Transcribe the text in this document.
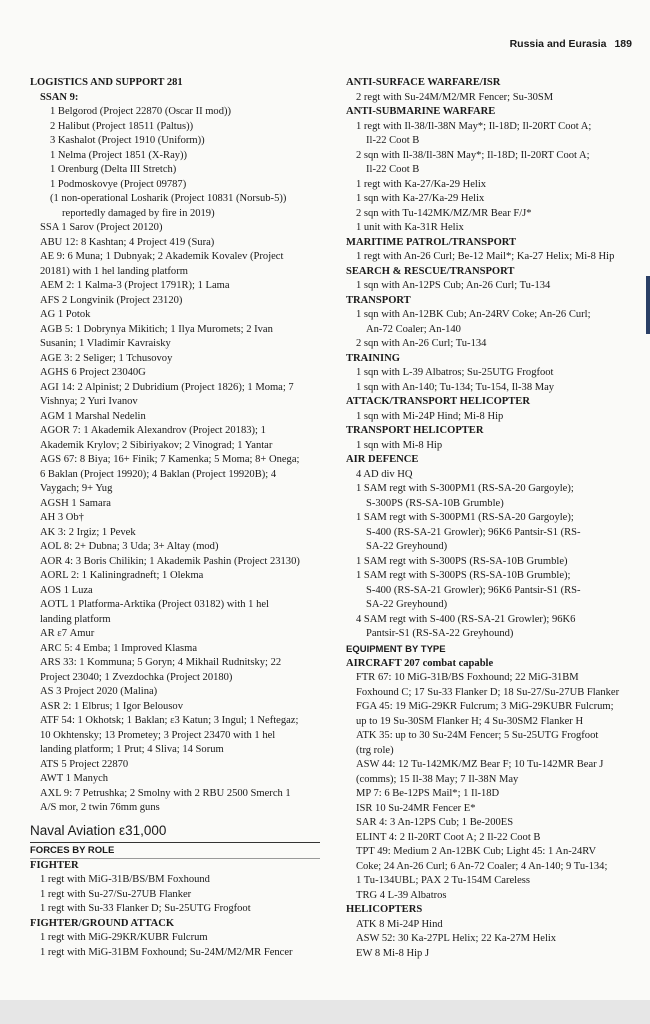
Russia and Eurasia 189
LOGISTICS AND SUPPORT 281
SSAN 9:
1 Belgorod (Project 22870 (Oscar II mod))
2 Halibut (Project 18511 (Paltus))
3 Kashalot (Project 1910 (Uniform))
1 Nelma (Project 1851 (X-Ray))
1 Orenburg (Delta III Stretch)
1 Podmoskovye (Project 09787)
(1 non-operational Losharik (Project 10831 (Norsub-5))
reportedly damaged by fire in 2019)
SSA 1 Sarov (Project 20120)
ABU 12: 8 Kashtan; 4 Project 419 (Sura)
AE 9: 6 Muna; 1 Dubnyak; 2 Akademik Kovalev (Project
20181) with 1 hel landing platform
AEM 2: 1 Kalma-3 (Project 1791R); 1 Lama
AFS 2 Longvinik (Project 23120)
AG 1 Potok
AGB 5: 1 Dobrynya Mikitich; 1 Ilya Muromets; 2 Ivan
Susanin; 1 Vladimir Kavraisky
AGE 3: 2 Seliger; 1 Tchusovoy
AGHS 6 Project 23040G
AGI 14: 2 Alpinist; 2 Dubridium (Project 1826); 1 Moma; 7
Vishnya; 2 Yuri Ivanov
AGM 1 Marshal Nedelin
AGOR 7: 1 Akademik Alexandrov (Project 20183); 1
Akademik Krylov; 2 Sibiriyakov; 2 Vinograd; 1 Yantar
AGS 67: 8 Biya; 16+ Finik; 7 Kamenka; 5 Moma; 8+ Onega;
6 Baklan (Project 19920); 4 Baklan (Project 19920B); 4
Vaygach; 9+ Yug
AGSH 1 Samara
AH 3 Ob†
AK 3: 2 Irgiz; 1 Pevek
AOL 8: 2+ Dubna; 3 Uda; 3+ Altay (mod)
AOR 4: 3 Boris Chilikin; 1 Akademik Pashin (Project 23130)
AORL 2: 1 Kaliningradneft; 1 Olekma
AOS 1 Luza
AOTL 1 Platforma-Arktika (Project 03182) with 1 hel
landing platform
AR ε7 Amur
ARC 5: 4 Emba; 1 Improved Klasma
ARS 33: 1 Kommuna; 5 Goryn; 4 Mikhail Rudnitsky; 22
Project 23040; 1 Zvezdochka (Project 20180)
AS 3 Project 2020 (Malina)
ASR 2: 1 Elbrus; 1 Igor Belousov
ATF 54: 1 Okhotsk; 1 Baklan; ε3 Katun; 3 Ingul; 1 Neftegaz;
10 Okhtensky; 13 Prometey; 3 Project 23470 with 1 hel
landing platform; 1 Prut; 4 Sliva; 14 Sorum
ATS 5 Project 22870
AWT 1 Manych
AXL 9: 7 Petrushka; 2 Smolny with 2 RBU 2500 Smerch 1
A/S mor, 2 twin 76mm guns
Naval Aviation ε31,000
FORCES BY ROLE
FIGHTER
1 regt with MiG-31B/BS/BM Foxhound
1 regt with Su-27/Su-27UB Flanker
1 regt with Su-33 Flanker D; Su-25UTG Frogfoot
FIGHTER/GROUND ATTACK
1 regt with MiG-29KR/KUBR Fulcrum
1 regt with MiG-31BM Foxhound; Su-24M/M2/MR Fencer
ANTI-SURFACE WARFARE/ISR
2 regt with Su-24M/M2/MR Fencer; Su-30SM
ANTI-SUBMARINE WARFARE
1 regt with Il-38/Il-38N May*; Il-18D; Il-20RT Coot A;
Il-22 Coot B
2 sqn with Il-38/Il-38N May*; Il-18D; Il-20RT Coot A;
Il-22 Coot B
1 regt with Ka-27/Ka-29 Helix
1 sqn with Ka-27/Ka-29 Helix
2 sqn with Tu-142MK/MZ/MR Bear F/J*
1 unit with Ka-31R Helix
MARITIME PATROL/TRANSPORT
1 regt with An-26 Curl; Be-12 Mail*; Ka-27 Helix; Mi-8 Hip
SEARCH & RESCUE/TRANSPORT
1 sqn with An-12PS Cub; An-26 Curl; Tu-134
TRANSPORT
1 sqn with An-12BK Cub; An-24RV Coke; An-26 Curl;
An-72 Coaler; An-140
2 sqn with An-26 Curl; Tu-134
TRAINING
1 sqn with L-39 Albatros; Su-25UTG Frogfoot
1 sqn with An-140; Tu-134; Tu-154, Il-38 May
ATTACK/TRANSPORT HELICOPTER
1 sqn with Mi-24P Hind; Mi-8 Hip
TRANSPORT HELICOPTER
1 sqn with Mi-8 Hip
AIR DEFENCE
4 AD div HQ
1 SAM regt with S-300PM1 (RS-SA-20 Gargoyle);
S-300PS (RS-SA-10B Grumble)
1 SAM regt with S-300PM1 (RS-SA-20 Gargoyle);
S-400 (RS-SA-21 Growler); 96K6 Pantsir-S1 (RS-
SA-22 Greyhound)
1 SAM regt with S-300PS (RS-SA-10B Grumble)
1 SAM regt with S-300PS (RS-SA-10B Grumble);
S-400 (RS-SA-21 Growler); 96K6 Pantsir-S1 (RS-
SA-22 Greyhound)
4 SAM regt with S-400 (RS-SA-21 Growler); 96K6
Pantsir-S1 (RS-SA-22 Greyhound)
EQUIPMENT BY TYPE
AIRCRAFT 207 combat capable
FTR 67: 10 MiG-31B/BS Foxhound; 22 MiG-31BM
Foxhound C; 17 Su-33 Flanker D; 18 Su-27/Su-27UB Flanker
FGA 45: 19 MiG-29KR Fulcrum; 3 MiG-29KUBR Fulcrum;
up to 19 Su-30SM Flanker H; 4 Su-30SM2 Flanker H
ATK 35: up to 30 Su-24M Fencer; 5 Su-25UTG Frogfoot
(trg role)
ASW 44: 12 Tu-142MK/MZ Bear F; 10 Tu-142MR Bear J
(comms); 15 Il-38 May; 7 Il-38N May
MP 7: 6 Be-12PS Mail*; 1 Il-18D
ISR 10 Su-24MR Fencer E*
SAR 4: 3 An-12PS Cub; 1 Be-200ES
ELINT 4: 2 Il-20RT Coot A; 2 Il-22 Coot B
TPT 49: Medium 2 An-12BK Cub; Light 45: 1 An-24RV
Coke; 24 An-26 Curl; 6 An-72 Coaler; 4 An-140; 9 Tu-134;
1 Tu-134UBL; PAX 2 Tu-154M Careless
TRG 4 L-39 Albatros
HELICOPTERS
ATK 8 Mi-24P Hind
ASW 52: 30 Ka-27PL Helix; 22 Ka-27M Helix
EW 8 Mi-8 Hip J
